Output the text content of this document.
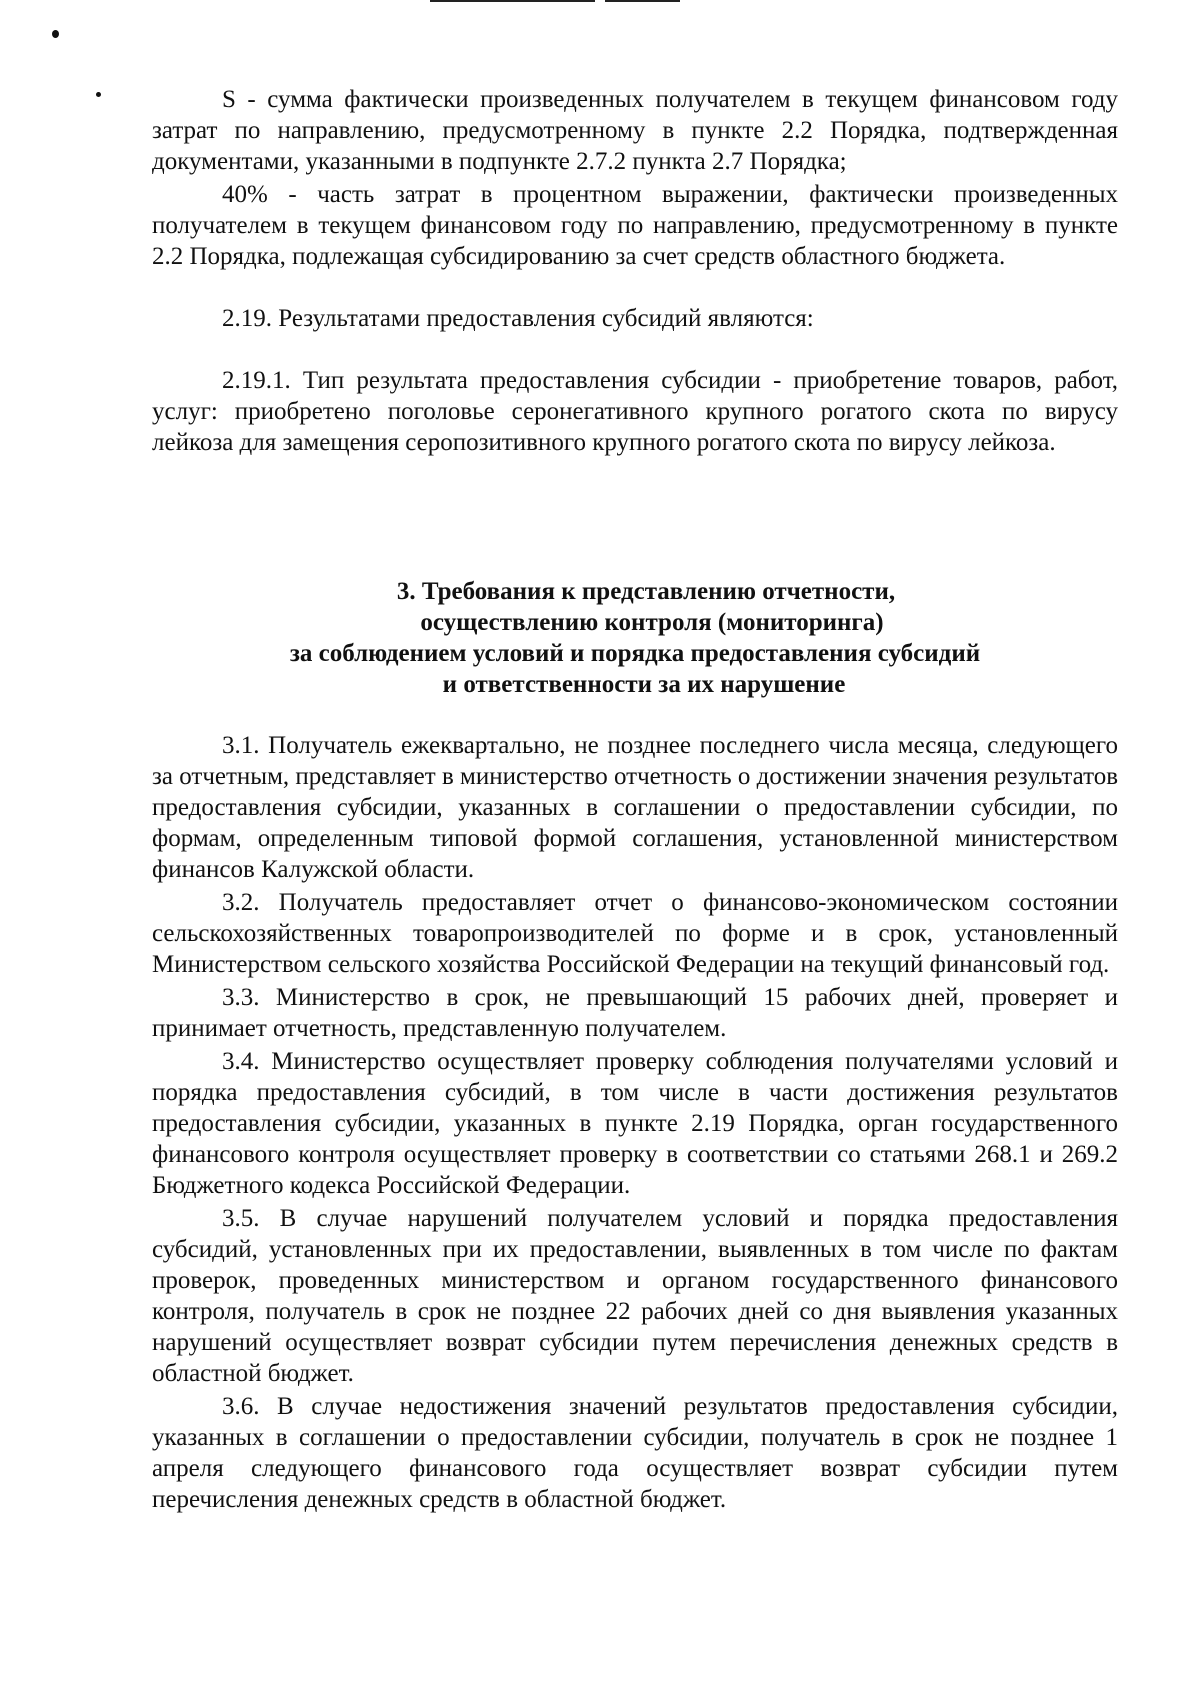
S - сумма фактически произведенных получателем в текущем финансовом году затрат по направлению, предусмотренному в пункте 2.2 Порядка, подтвержденная документами, указанными в подпункте 2.7.2 пункта 2.7 Порядка;

40% - часть затрат в процентном выражении, фактически произведенных получателем в текущем финансовом году по направлению, предусмотренному в пункте 2.2 Порядка, подлежащая субсидированию за счет средств областного бюджета.

2.19. Результатами предоставления субсидий являются:

2.19.1. Тип результата предоставления субсидии - приобретение товаров, работ, услуг: приобретено поголовье серонегативного крупного рогатого скота по вирусу лейкоза для замещения серопозитивного крупного рогатого скота по вирусу лейкоза.

3. Требования к представлению отчетности,
осуществлению контроля (мониторинга)
за соблюдением условий и порядка предоставления субсидий
и ответственности за их нарушение

3.1. Получатель ежеквартально, не позднее последнего числа месяца, следующего за отчетным, представляет в министерство отчетность о достижении значения результатов предоставления субсидии, указанных в соглашении о предоставлении субсидии, по формам, определенным типовой формой соглашения, установленной министерством финансов Калужской области.

3.2. Получатель предоставляет отчет о финансово-экономическом состоянии сельскохозяйственных товаропроизводителей по форме и в срок, установленный Министерством сельского хозяйства Российской Федерации на текущий финансовый год.

3.3. Министерство в срок, не превышающий 15 рабочих дней, проверяет и принимает отчетность, представленную получателем.

3.4. Министерство осуществляет проверку соблюдения получателями условий и порядка предоставления субсидий, в том числе в части достижения результатов предоставления субсидии, указанных в пункте 2.19 Порядка, орган государственного финансового контроля осуществляет проверку в соответствии со статьями 268.1 и 269.2 Бюджетного кодекса Российской Федерации.

3.5. В случае нарушений получателем условий и порядка предоставления субсидий, установленных при их предоставлении, выявленных в том числе по фактам проверок, проведенных министерством и органом государственного финансового контроля, получатель в срок не позднее 22 рабочих дней со дня выявления указанных нарушений осуществляет возврат субсидии путем перечисления денежных средств в областной бюджет.

3.6. В случае недостижения значений результатов предоставления субсидии, указанных в соглашении о предоставлении субсидии, получатель в срок не позднее 1 апреля следующего финансового года осуществляет возврат субсидии путем перечисления денежных средств в областной бюджет.
